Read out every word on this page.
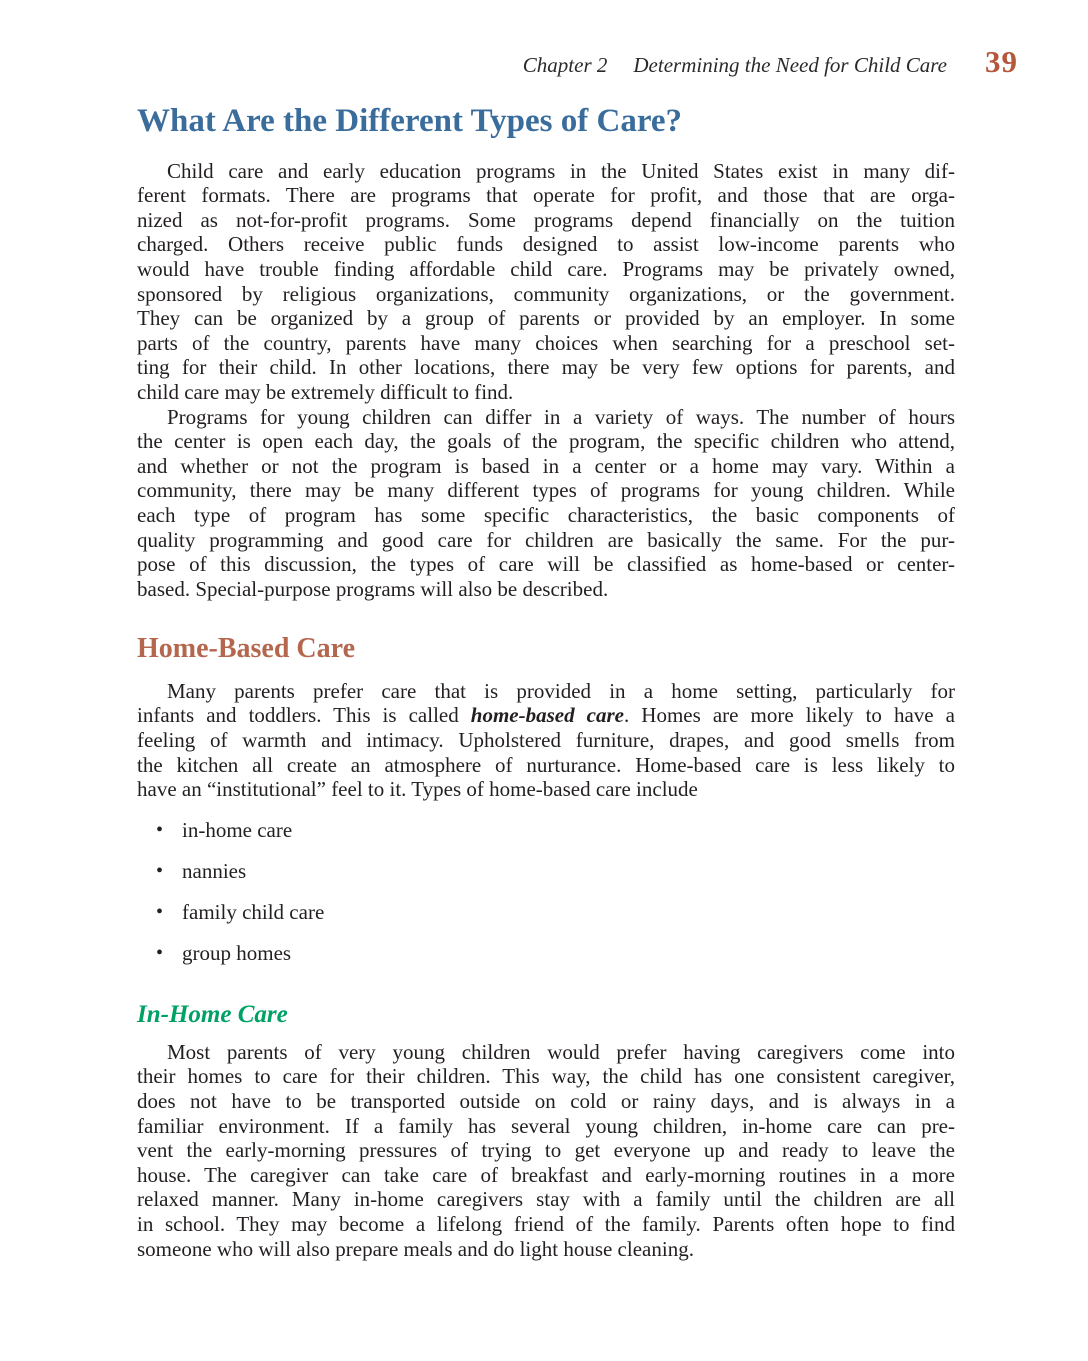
Chapter 2 Determining the Need for Child Care 39
What Are the Different Types of Care?
Child care and early education programs in the United States exist in many dif-
ferent formats. There are programs that operate for profit, and those that are orga-
nized as not-for-profit programs. Some programs depend financially on the tuition
charged. Others receive public funds designed to assist low-income parents who
would have trouble finding affordable child care. Programs may be privately owned,
sponsored by religious organizations, community organizations, or the government.
They can be organized by a group of parents or provided by an employer. In some
parts of the country, parents have many choices when searching for a preschool set-
ting for their child. In other locations, there may be very few options for parents, and
child care may be extremely difficult to find.
Programs for young children can differ in a variety of ways. The number of hours
the center is open each day, the goals of the program, the specific children who attend,
and whether or not the program is based in a center or a home may vary. Within a
community, there may be many different types of programs for young children. While
each type of program has some specific characteristics, the basic components of
quality programming and good care for children are basically the same. For the pur-
pose of this discussion, the types of care will be classified as home-based or center-
based. Special-purpose programs will also be described.
Home-Based Care
Many parents prefer care that is provided in a home setting, particularly for
infants and toddlers. This is called home-based care. Homes are more likely to have a
feeling of warmth and intimacy. Upholstered furniture, drapes, and good smells from
the kitchen all create an atmosphere of nurturance. Home-based care is less likely to
have an “institutional” feel to it. Types of home-based care include
• in-home care
• nannies
• family child care
• group homes
In-Home Care
Most parents of very young children would prefer having caregivers come into
their homes to care for their children. This way, the child has one consistent caregiver,
does not have to be transported outside on cold or rainy days, and is always in a
familiar environment. If a family has several young children, in-home care can pre-
vent the early-morning pressures of trying to get everyone up and ready to leave the
house. The caregiver can take care of breakfast and early-morning routines in a more
relaxed manner. Many in-home caregivers stay with a family until the children are all
in school. They may become a lifelong friend of the family. Parents often hope to find
someone who will also prepare meals and do light house cleaning.
